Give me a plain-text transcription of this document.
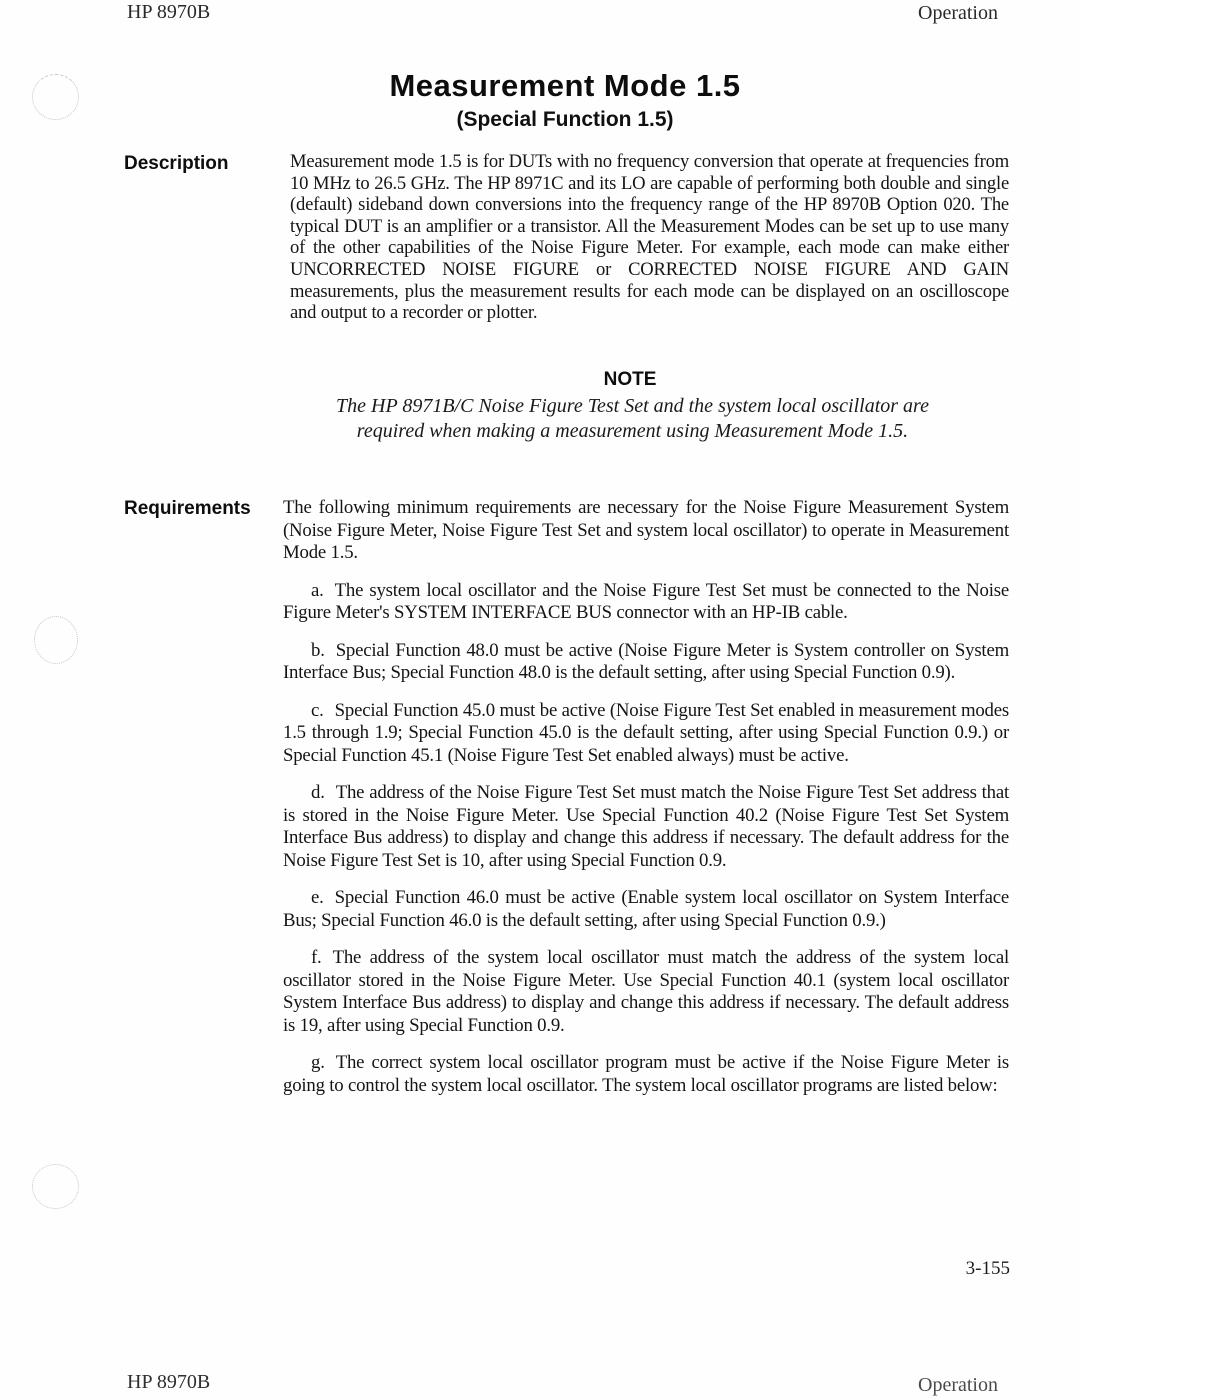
HP 8970B	Operation
Measurement Mode 1.5
(Special Function 1.5)
Description	Measurement mode 1.5 is for DUTs with no frequency conversion that operate at frequencies from 10 MHz to 26.5 GHz. The HP 8971C and its LO are capable of performing both double and single (default) sideband down conversions into the frequency range of the HP 8970B Option 020. The typical DUT is an amplifier or a transistor. All the Measurement Modes can be set up to use many of the other capabilities of the Noise Figure Meter. For example, each mode can make either UNCORRECTED NOISE FIGURE or CORRECTED NOISE FIGURE AND GAIN measurements, plus the measurement results for each mode can be displayed on an oscilloscope and output to a recorder or plotter.
NOTE
The HP 8971B/C Noise Figure Test Set and the system local oscillator are required when making a measurement using Measurement Mode 1.5.
Requirements The following minimum requirements are necessary for the Noise Figure Measurement System (Noise Figure Meter, Noise Figure Test Set and system local oscillator) to operate in Measurement Mode 1.5.

a. The system local oscillator and the Noise Figure Test Set must be connected to the Noise Figure Meter's SYSTEM INTERFACE BUS connector with an HP-IB cable.

b. Special Function 48.0 must be active (Noise Figure Meter is System controller on System Interface Bus; Special Function 48.0 is the default setting, after using Special Function 0.9).

c. Special Function 45.0 must be active (Noise Figure Test Set enabled in measurement modes 1.5 through 1.9; Special Function 45.0 is the default setting, after using Special Function 0.9.) or Special Function 45.1 (Noise Figure Test Set enabled always) must be active.

d. The address of the Noise Figure Test Set must match the Noise Figure Test Set address that is stored in the Noise Figure Meter. Use Special Function 40.2 (Noise Figure Test Set System Interface Bus address) to display and change this address if necessary. The default address for the Noise Figure Test Set is 10, after using Special Function 0.9.

e. Special Function 46.0 must be active (Enable system local oscillator on System Interface Bus; Special Function 46.0 is the default setting, after using Special Function 0.9.)

f. The address of the system local oscillator must match the address of the system local oscillator stored in the Noise Figure Meter. Use Special Function 40.1 (system local oscillator System Interface Bus address) to display and change this address if necessary. The default address is 19, after using Special Function 0.9.

g. The correct system local oscillator program must be active if the Noise Figure Meter is going to control the system local oscillator. The system local oscillator programs are listed below:

3-155
HP 8970B	Operation
